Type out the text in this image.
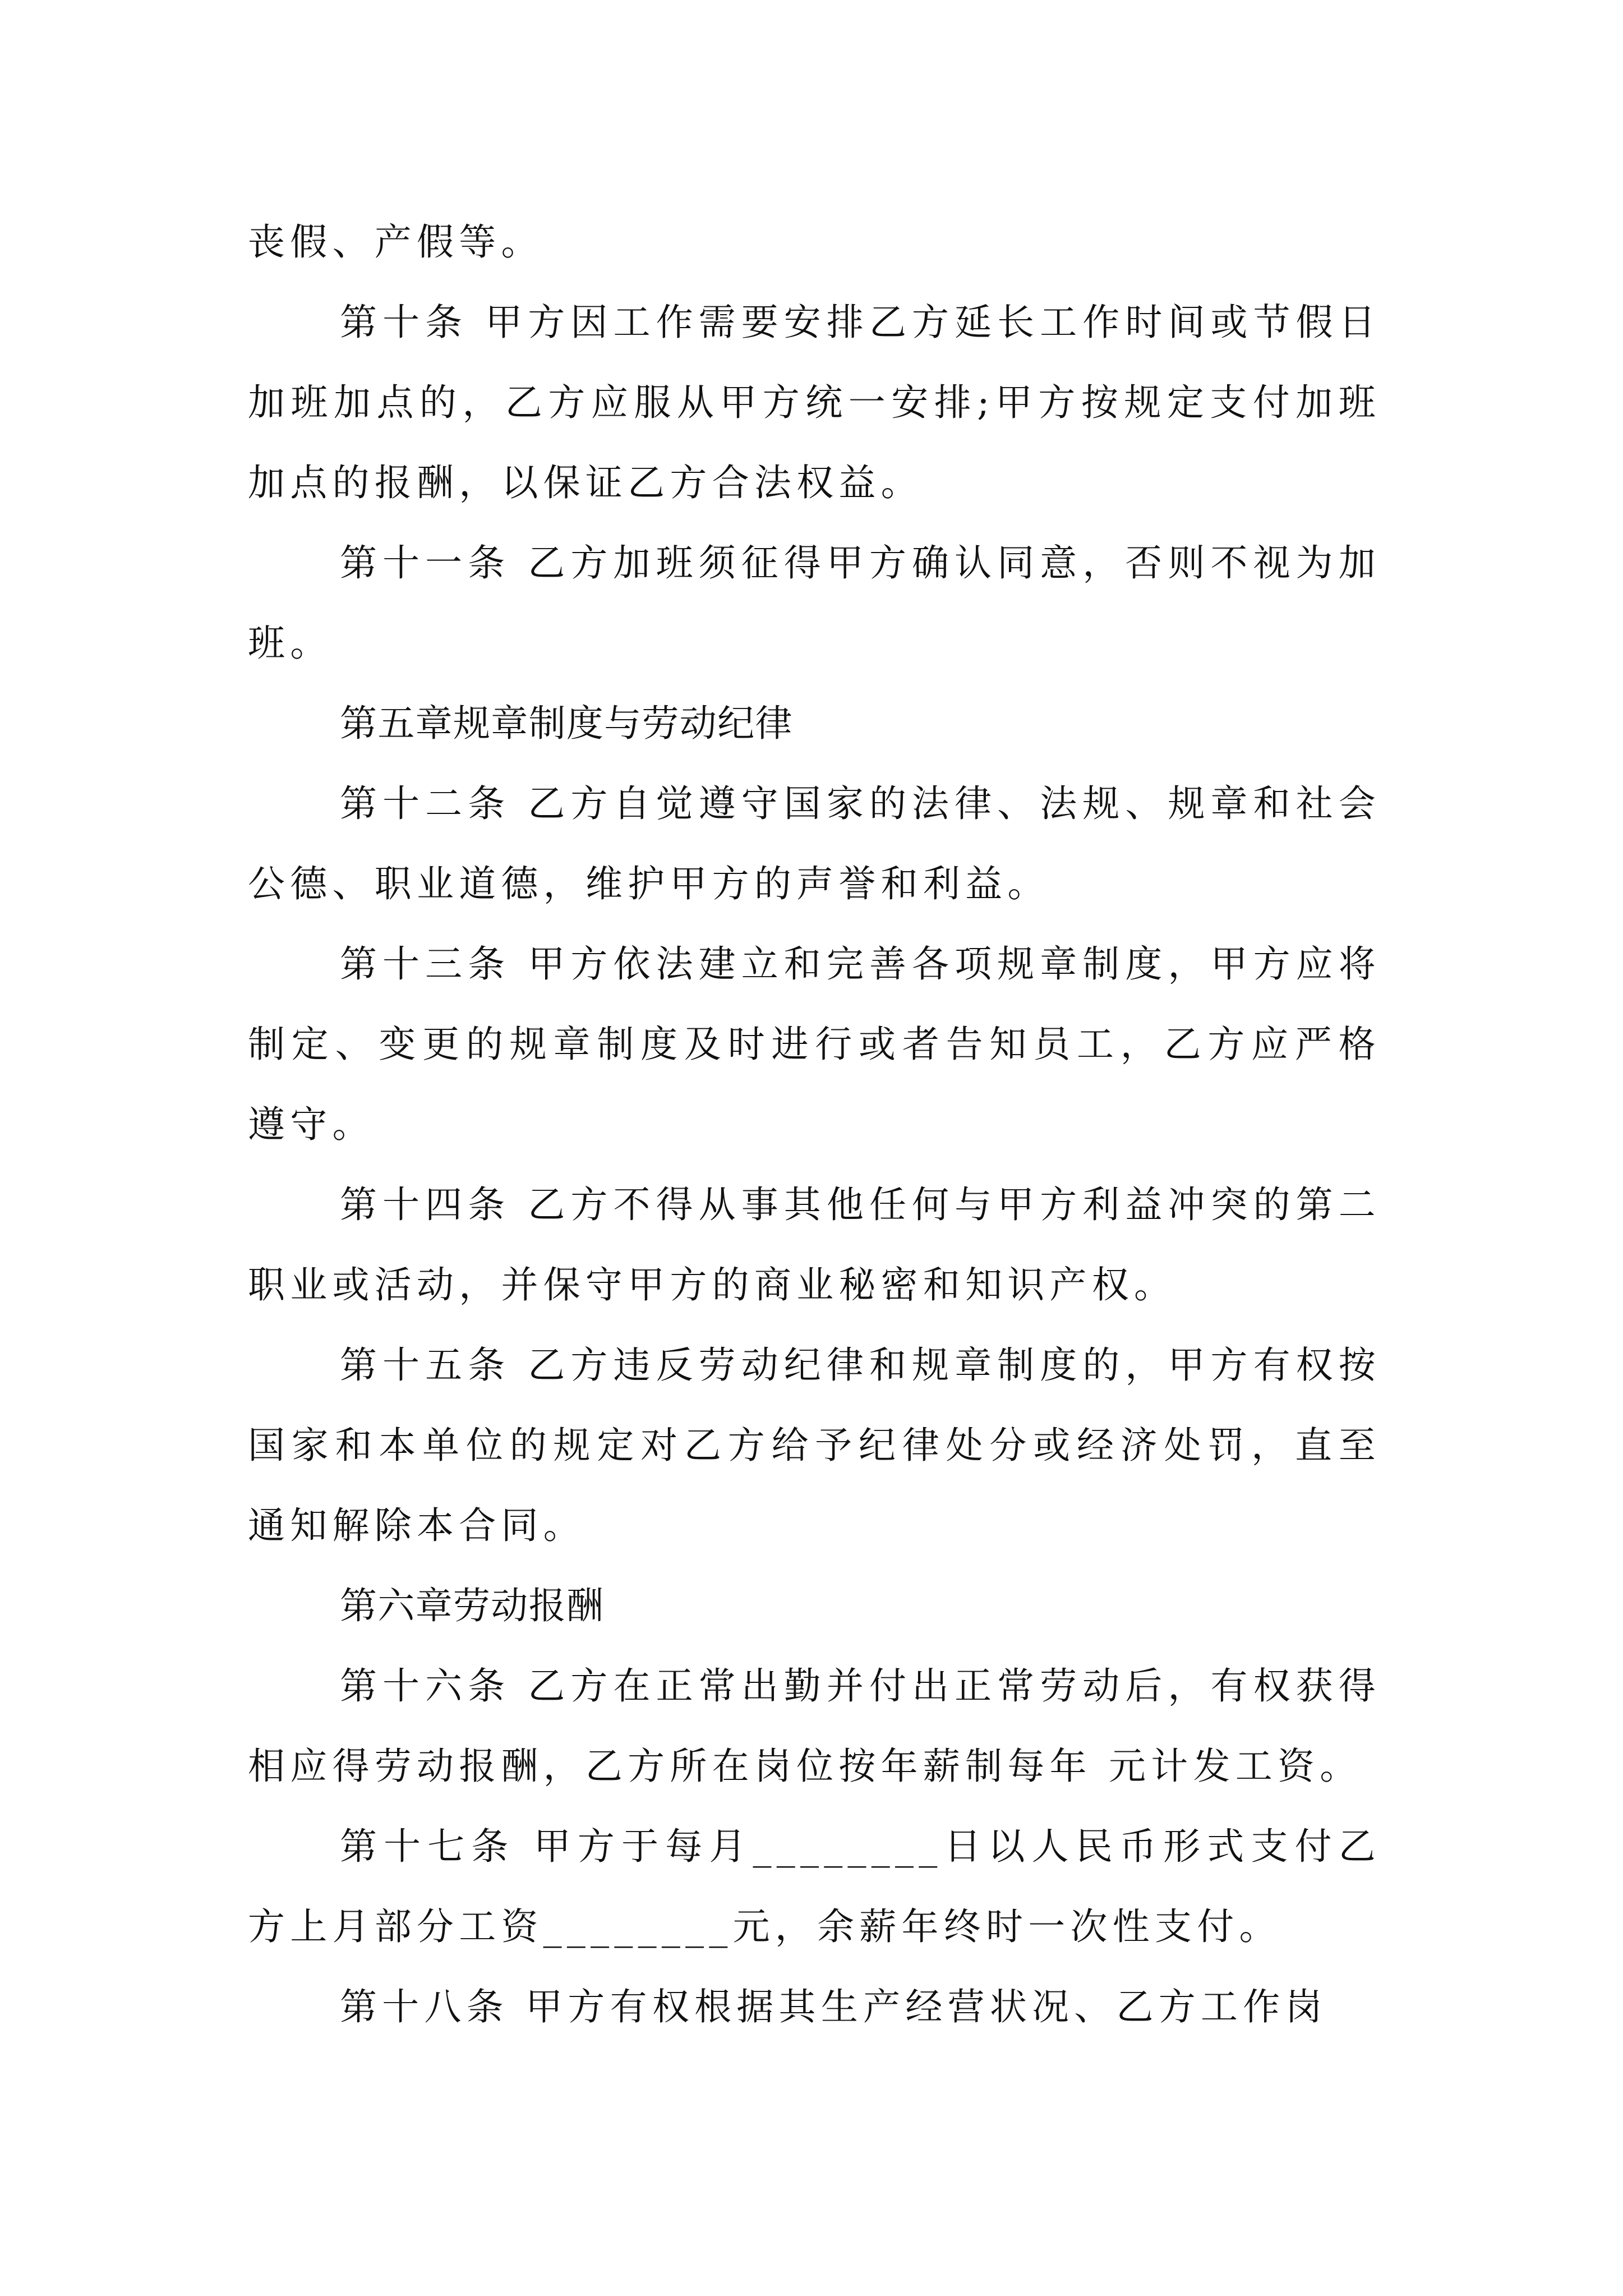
丧假、产假等。

第十条 甲方因工作需要安排乙方延长工作时间或节假日加班加点的，乙方应服从甲方统一安排;甲方按规定支付加班加点的报酬，以保证乙方合法权益。

第十一条 乙方加班须征得甲方确认同意，否则不视为加班。

第五章规章制度与劳动纪律

第十二条 乙方自觉遵守国家的法律、法规、规章和社会公德、职业道德，维护甲方的声誉和利益。

第十三条 甲方依法建立和完善各项规章制度，甲方应将制定、变更的规章制度及时进行或者告知员工，乙方应严格遵守。

第十四条 乙方不得从事其他任何与甲方利益冲突的第二职业或活动，并保守甲方的商业秘密和知识产权。

第十五条 乙方违反劳动纪律和规章制度的，甲方有权按国家和本单位的规定对乙方给予纪律处分或经济处罚，直至通知解除本合同。

第六章劳动报酬

第十六条 乙方在正常出勤并付出正常劳动后，有权获得相应得劳动报酬，乙方所在岗位按年薪制每年 元计发工资。

第十七条 甲方于每月________日以人民币形式支付乙方上月部分工资________元，余薪年终时一次性支付。

第十八条 甲方有权根据其生产经营状况、乙方工作岗
